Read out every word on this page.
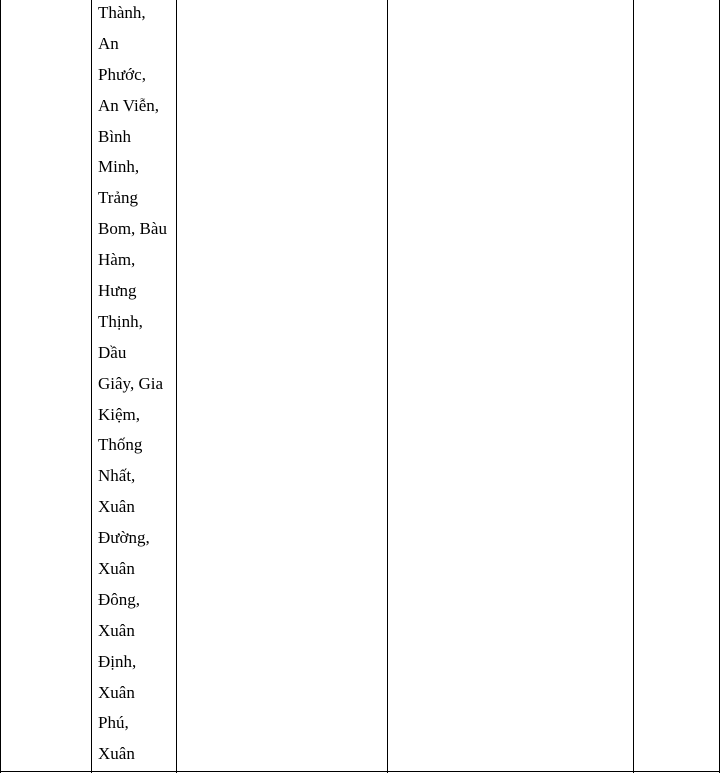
Thành,
An
Phước,
An Viễn,
Bình
Minh,
Trảng
Bom, Bàu
Hàm,
Hưng
Thịnh,
Dầu
Giây, Gia
Kiệm,
Thống
Nhất,
Xuân
Đường,
Xuân
Đông,
Xuân
Định,
Xuân
Phú,
Xuân
